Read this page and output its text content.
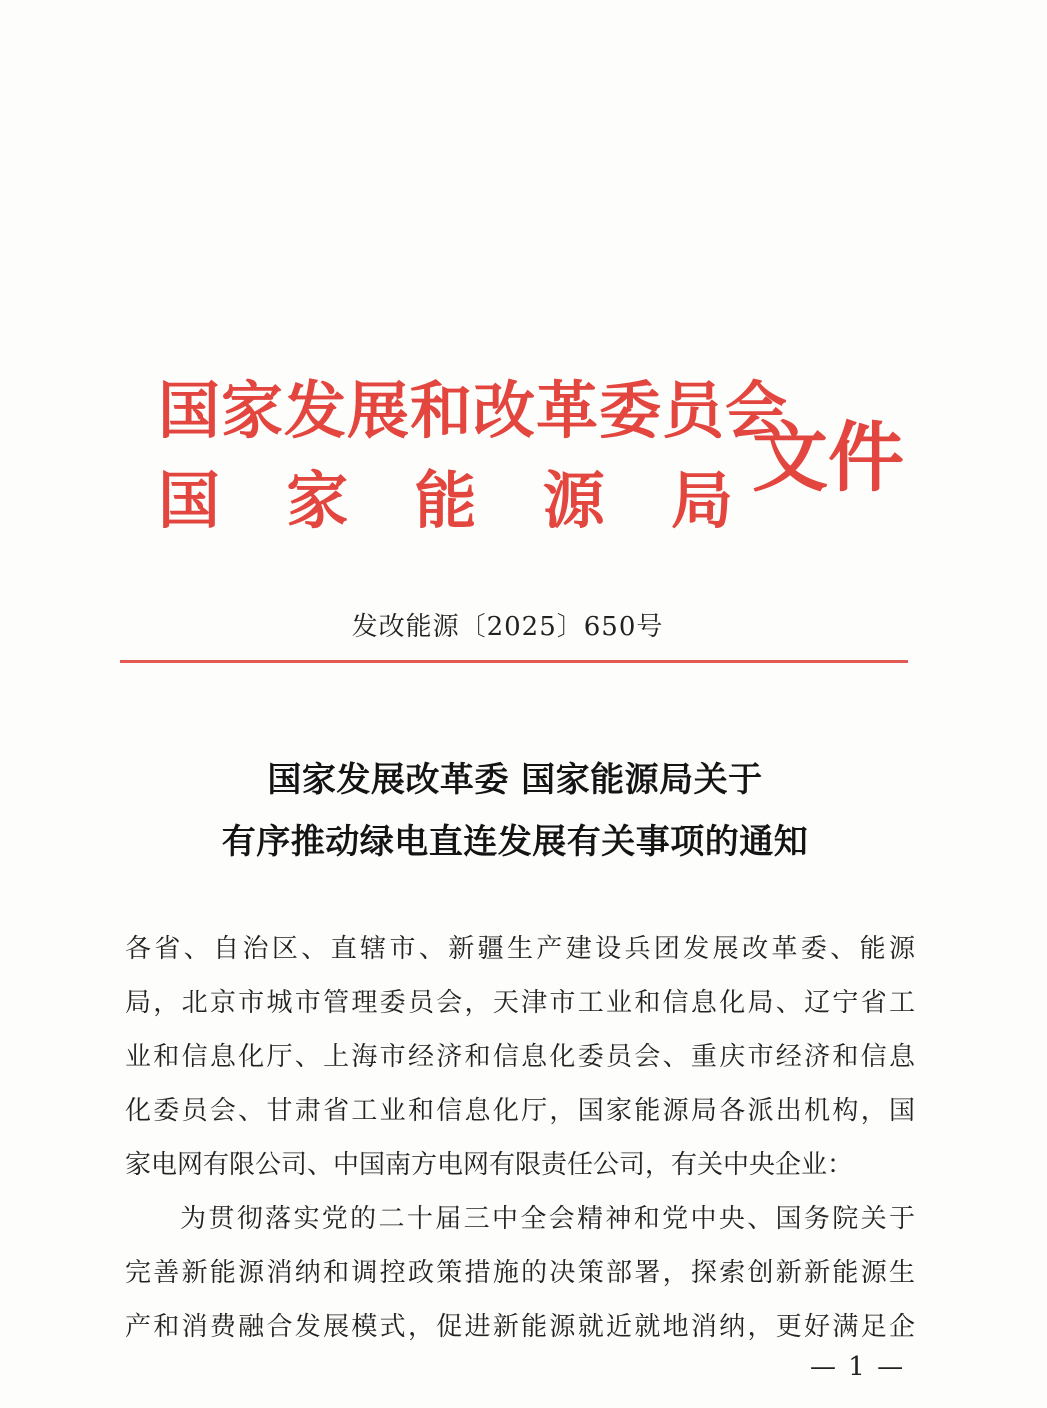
国家发展和改革委员会
国 家 能 源 局 文件
发改能源〔2025〕650号
国家发展改革委 国家能源局关于
有序推动绿电直连发展有关事项的通知
各省、自治区、直辖市、新疆生产建设兵团发展改革委、能源
局，北京市城市管理委员会，天津市工业和信息化局、辽宁省工
业和信息化厅、上海市经济和信息化委员会、重庆市经济和信息
化委员会、甘肃省工业和信息化厅，国家能源局各派出机构，国
家电网有限公司、中国南方电网有限责任公司，有关中央企业：
为贯彻落实党的二十届三中全会精神和党中央、国务院关于
完善新能源消纳和调控政策措施的决策部署，探索创新新能源生
产和消费融合发展模式，促进新能源就近就地消纳，更好满足企
— 1 —
